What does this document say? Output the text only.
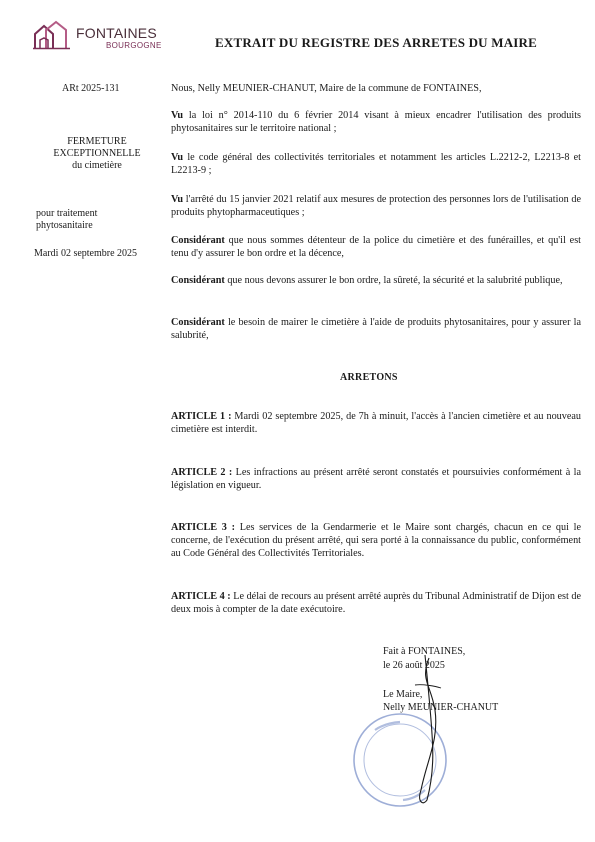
FONTAINES
BOURGOGNE	EXTRAIT DU REGISTRE DES ARRETES DU MAIRE
ARt 2025-131
FERMETURE
EXCEPTIONNELLE
du cimetière
pour traitement
phytosanitaire
Mardi 02 septembre 2025
Nous, Nelly MEUNIER-CHANUT, Maire de la commune de FONTAINES,
Vu la loi n° 2014-110 du 6 février 2014 visant à mieux encadrer l'utilisation des produits phytosanitaires sur le territoire national ;
Vu le code général des collectivités territoriales et notamment les articles L.2212-2, L2213-8 et L2213-9 ;
Vu l'arrêté du 15 janvier 2021 relatif aux mesures de protection des personnes lors de l'utilisation de produits phytopharmaceutiques ;
Considérant que nous sommes détenteur de la police du cimetière et des funérailles, et qu'il est tenu d'y assurer le bon ordre et la décence,
Considérant que nous devons assurer le bon ordre, la sûreté, la sécurité et la salubrité publique,
Considérant le besoin de mairer le cimetière à l'aide de produits phytosanitaires, pour y assurer la salubrité,
ARRETONS
ARTICLE 1 : Mardi 02 septembre 2025, de 7h à minuit, l'accès à l'ancien cimetière et au nouveau cimetière est interdit.
ARTICLE 2 : Les infractions au présent arrêté seront constatés et poursuivies conformément à la législation en vigueur.
ARTICLE 3 : Les services de la Gendarmerie et le Maire sont chargés, chacun en ce qui le concerne, de l'exécution du présent arrêté, qui sera porté à la connaissance du public, conformément au Code Général des Collectivités Territoriales.
ARTICLE 4 : Le délai de recours au présent arrêté auprès du Tribunal Administratif de Dijon est de deux mois à compter de la date exécutoire.
Fait à FONTAINES,
le 26 août 2025
Le Maire,
Nelly MEUNIER-CHANUT
